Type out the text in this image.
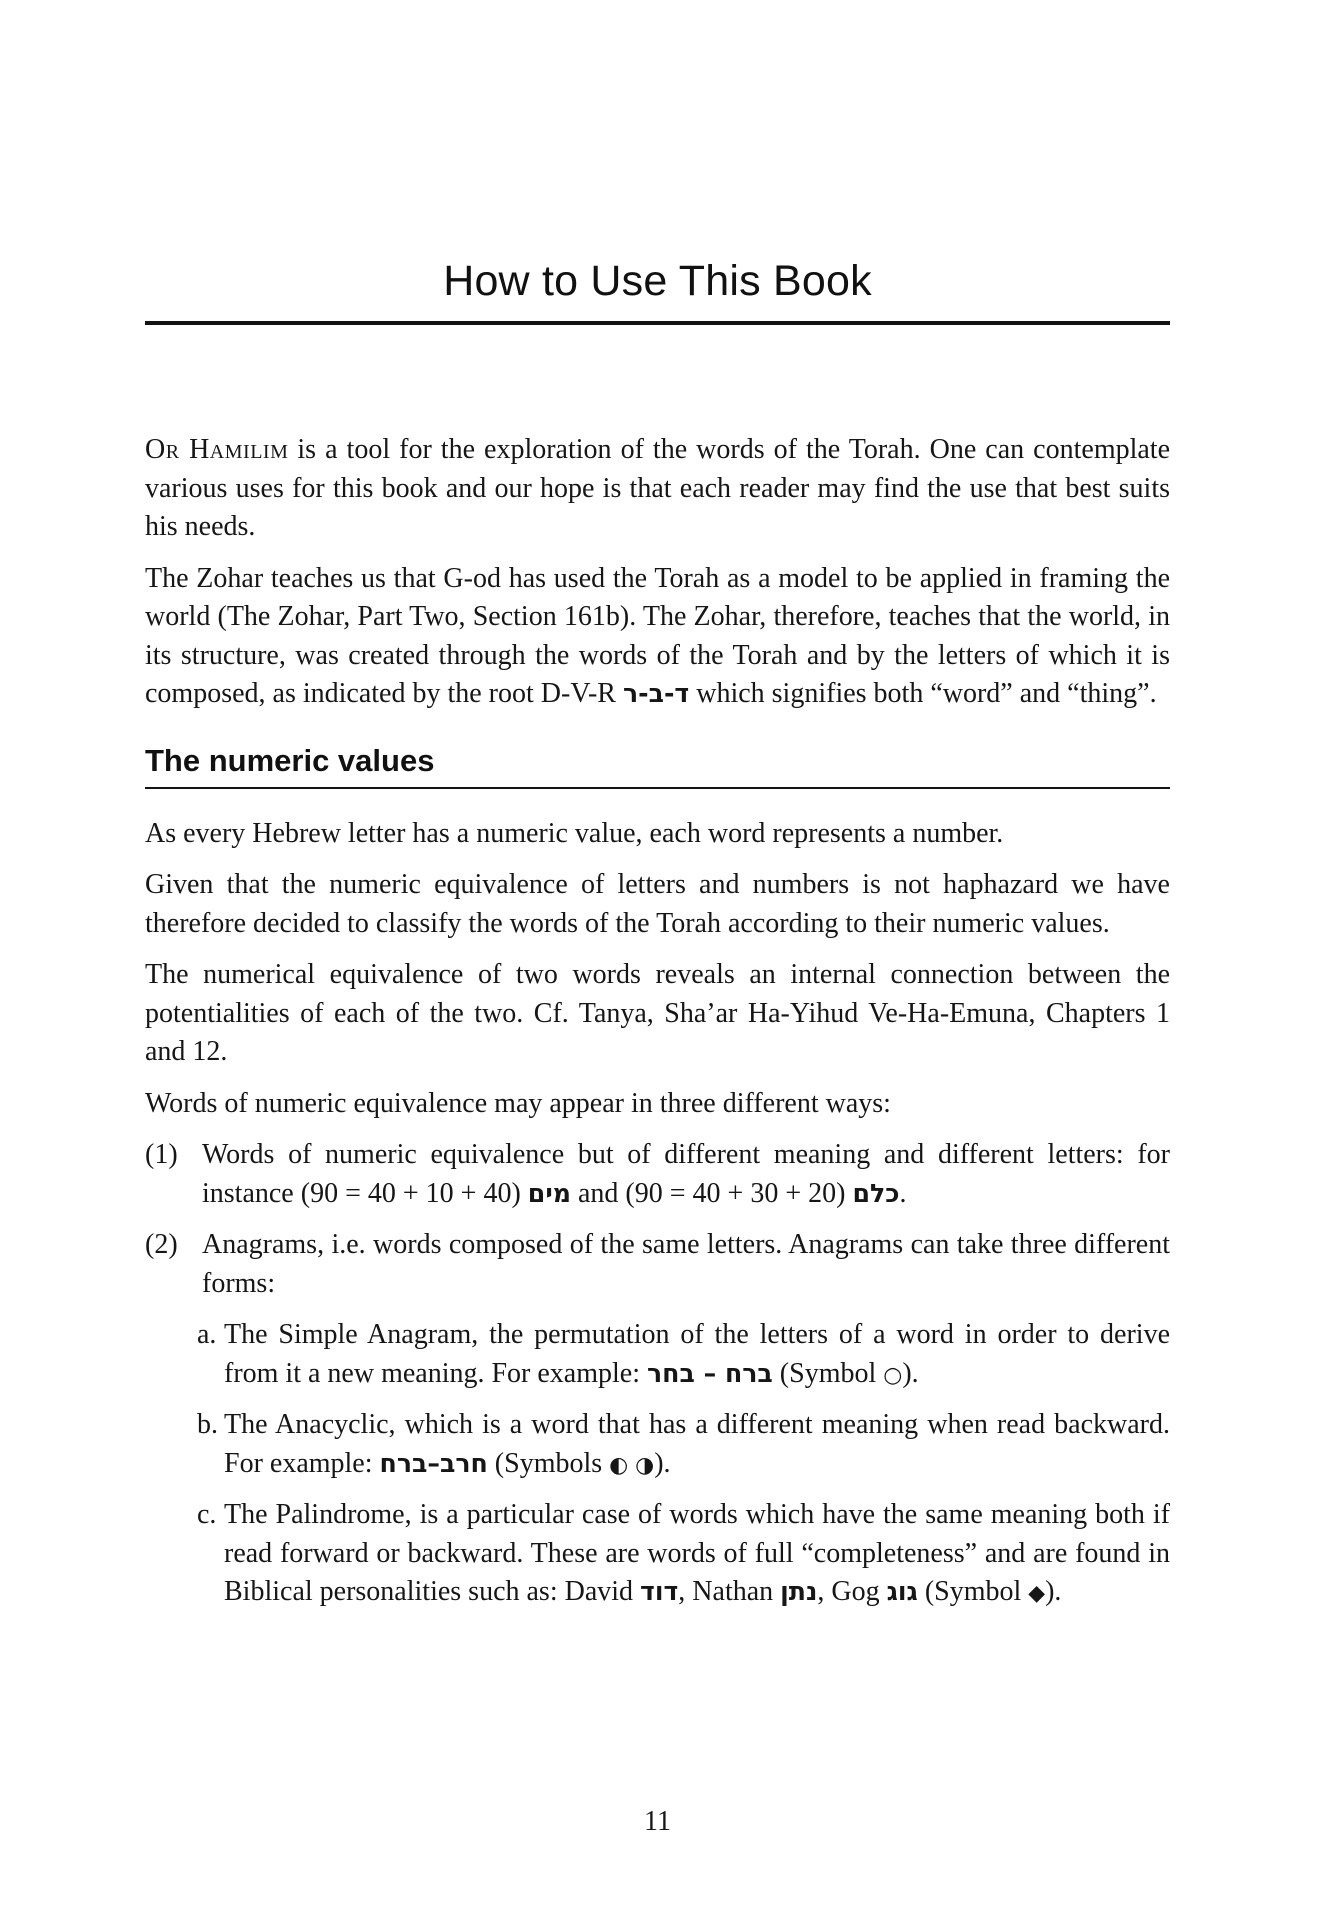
How to Use This Book
Or Hamilim is a tool for the exploration of the words of the Torah. One can contemplate various uses for this book and our hope is that each reader may find the use that best suits his needs.
The Zohar teaches us that G-od has used the Torah as a model to be applied in framing the world (The Zohar, Part Two, Section 161b). The Zohar, therefore, teaches that the world, in its structure, was created through the words of the Torah and by the letters of which it is composed, as indicated by the root D-V-R ד-ב-ר which signifies both “word” and “thing”.
The numeric values
As every Hebrew letter has a numeric value, each word represents a number.
Given that the numeric equivalence of letters and numbers is not haphazard we have therefore decided to classify the words of the Torah according to their numeric values.
The numerical equivalence of two words reveals an internal connection between the potentialities of each of the two. Cf. Tanya, Sha’ar Ha-Yihud Ve-Ha-Emuna, Chapters 1 and 12.
Words of numeric equivalence may appear in three different ways:
(1) Words of numeric equivalence but of different meaning and different letters: for instance	מים (40 + 10 + 40 = 90) and	כלם (20 + 30 + 40 = 90).
(2) Anagrams, i.e. words composed of the same letters. Anagrams can take three different forms:
a. The Simple Anagram, the permutation of the letters of a word in order to derive from it a new meaning. For example: ברח – בחר (Symbol ○).
b. The Anacyclic, which is a word that has a different meaning when read backward. For example: חרב–ברח (Symbols ◐ ◑).
c. The Palindrome, is a particular case of words which have the same meaning both if read forward or backward. These are words of full “completeness” and are found in Biblical personalities such as: David דוד, Nathan נתן, Gog גוג (Symbol ◆).
11
